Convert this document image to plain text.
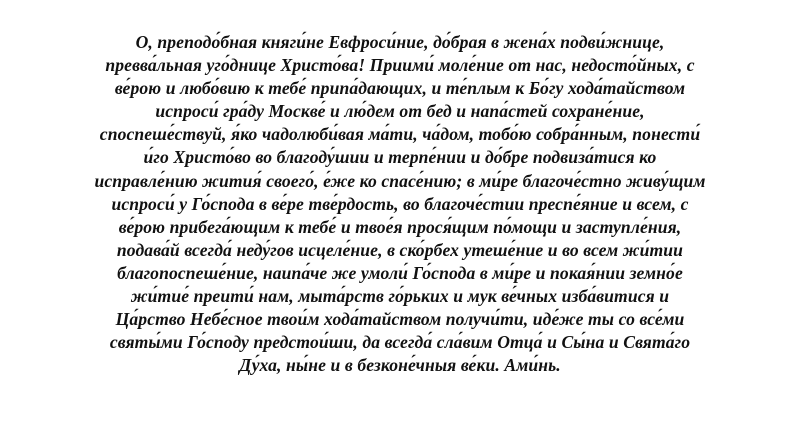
О, преподо́бная княги́не Евфроси́ние, до́брая в жена́х подви́жнице,
превва́льная уго́днице Христо́ва! Приими́ моле́ние от нас, недосто́йных, с
ве́рою и любо́вию к тебе́ припа́дающих, и те́плым к Бо́гу хода́тайством
испроси́ гра́ду Москве́ и лю́дем от бед и напа́стей сохране́ние,
споспеше́ствуй, я́ко чадолюби́вая ма́ти, ча́дом, тобо́ю собра́нным, понести́
и́го Христо́во во благоду́шии и терпе́нии и до́бре подвиза́тися ко
исправле́нию жития́ своего́, е́же ко спасе́нию; в ми́ре благоче́стно живу́щим
испроси́ у Го́спода в ве́ре тве́рдость, во благоче́стии преспе́яние и всем, с
ве́рою прибега́ющим к тебе́ и твое́я прося́щим по́мощи и заступле́ния,
подава́й всегда́ неду́гов исцеле́ние, в ско́рбех утеше́ние и во всем жи́тии
благопоспеше́ние, наипа́че же умоли́ Го́спода в ми́ре и покая́нии земно́е
жи́тие́ преити́ нам, мыта́рств го́рьких и мук ве́чных изба́витися и
Ца́рство Небе́сное твои́м хода́тайством получи́ти, иде́же ты со все́ми
святы́ми Го́споду предстои́ши, да всегда́ сла́вим Отца́ и Сы́на и Свята́го
Ду́ха, ны́не и в безконе́чныя ве́ки. Ами́нь.
